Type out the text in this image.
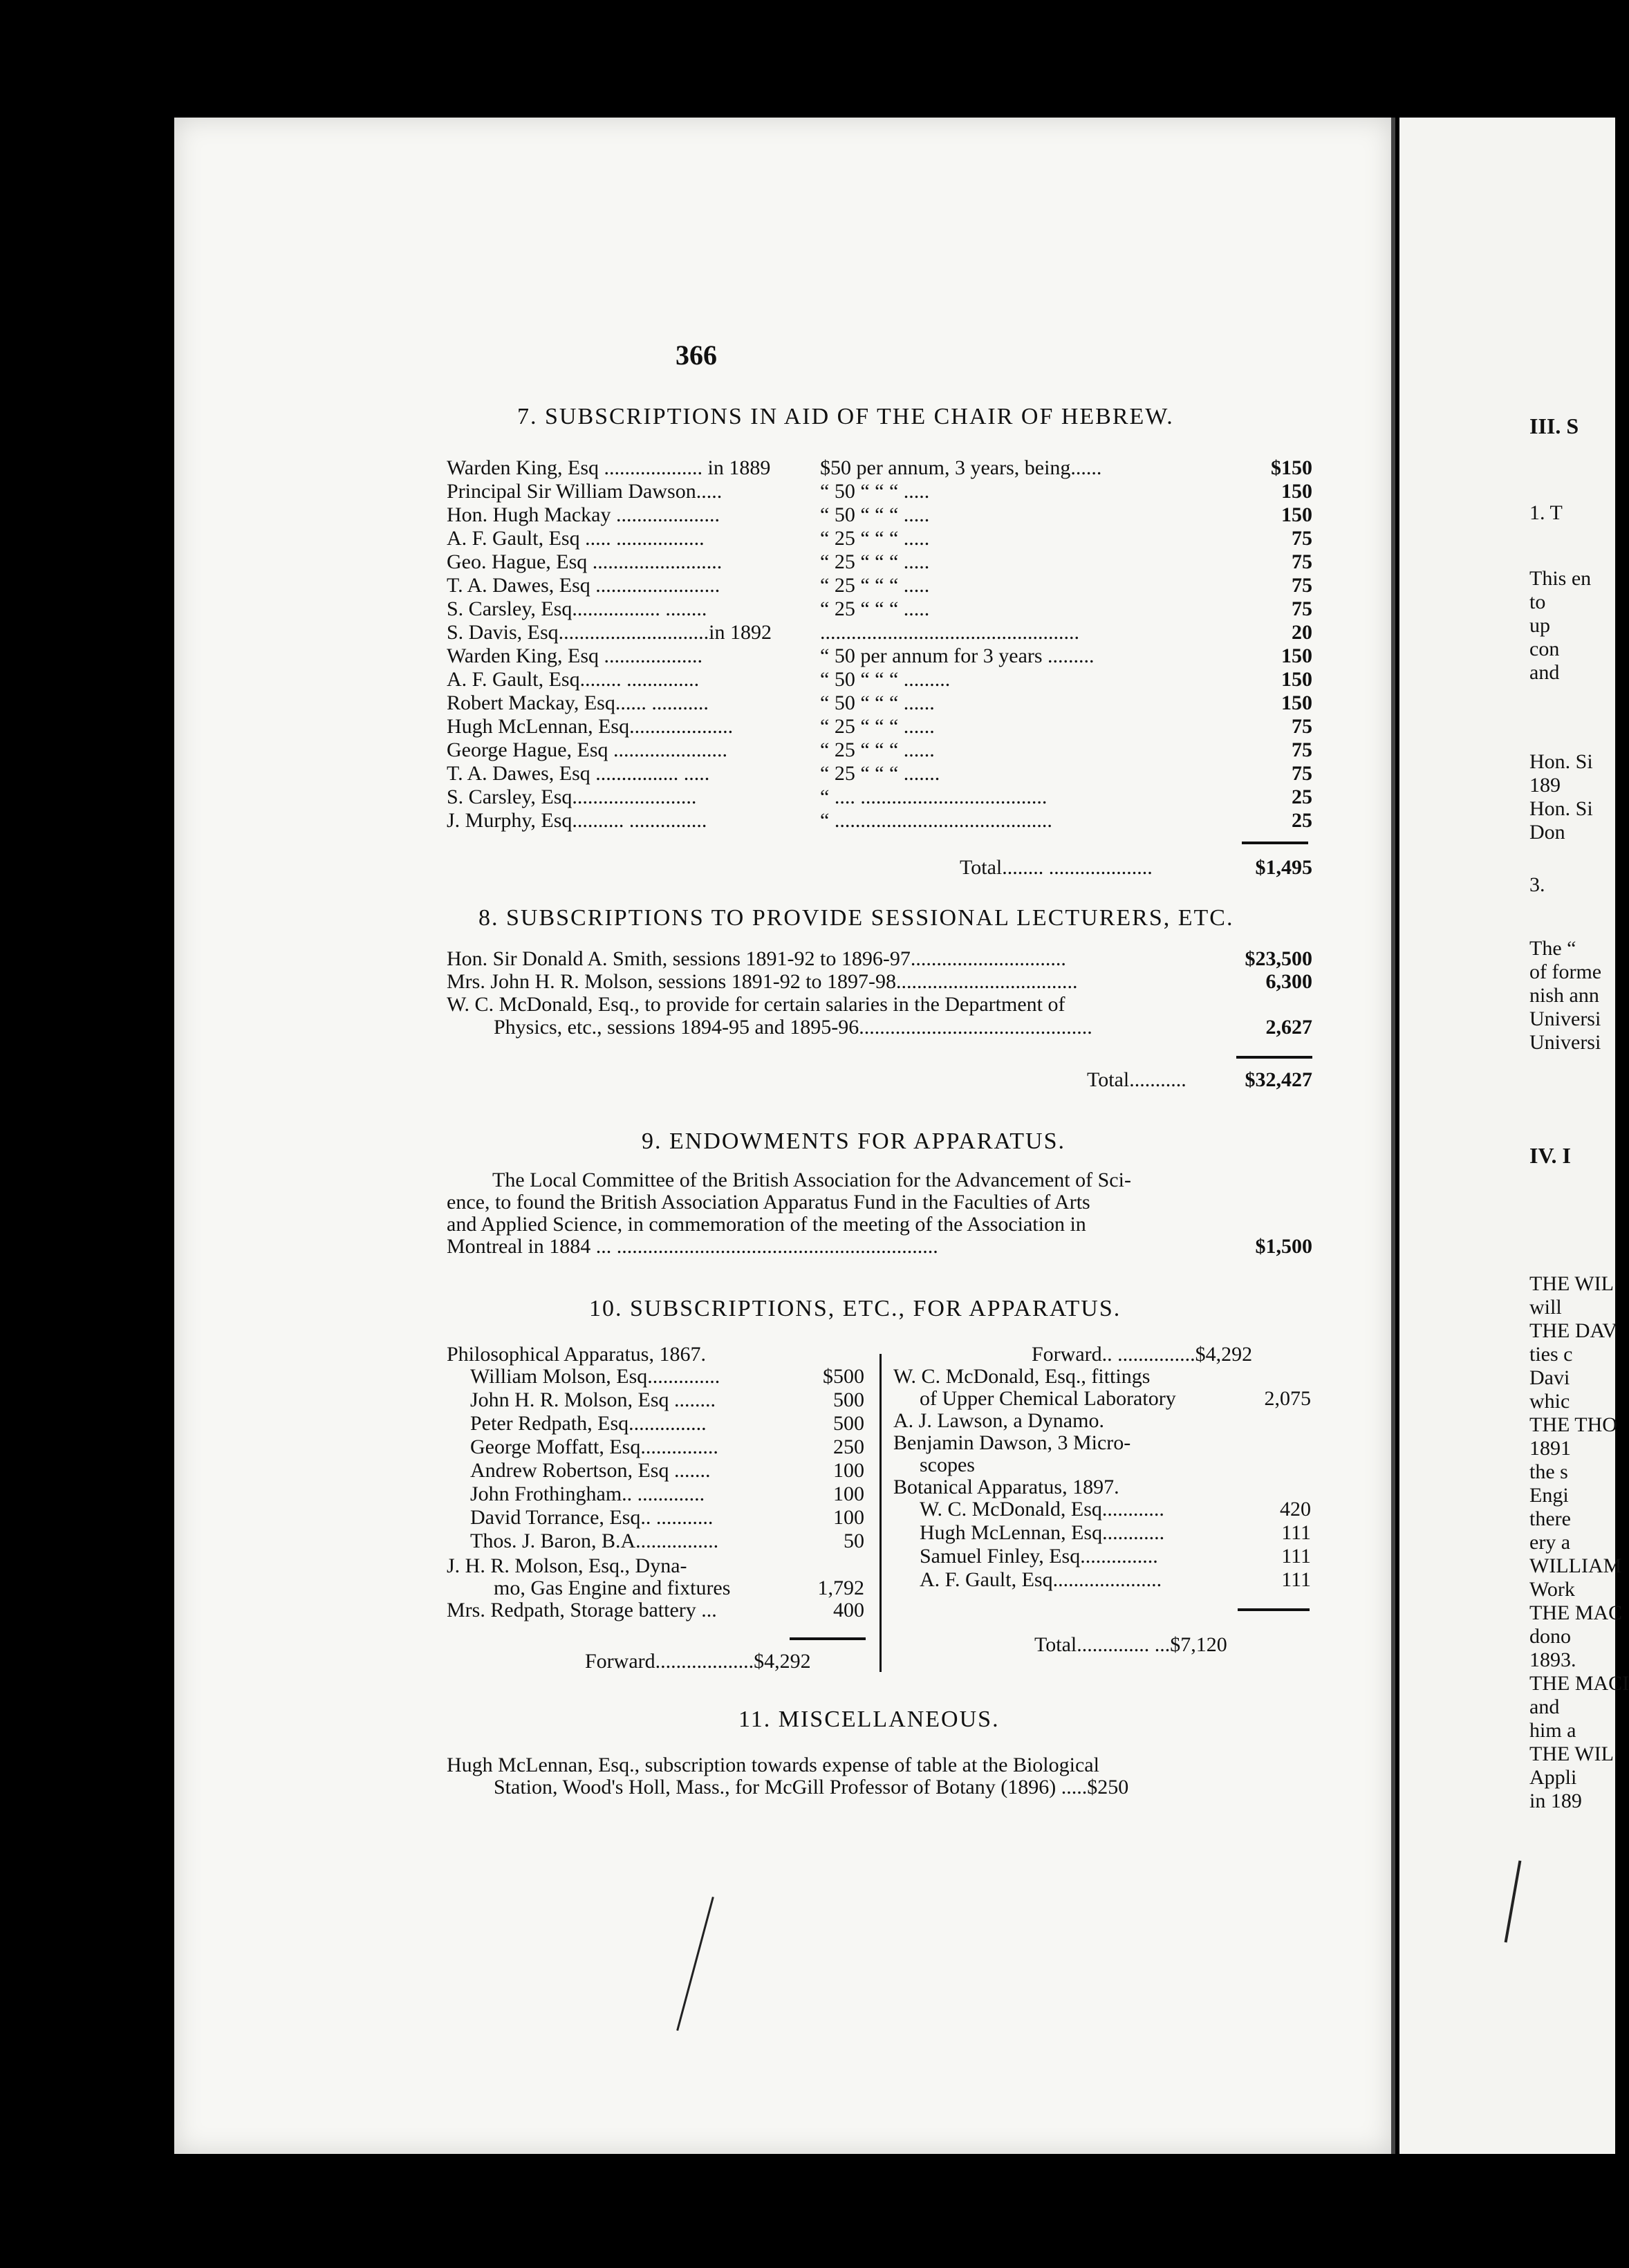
366
7. SUBSCRIPTIONS IN AID OF THE CHAIR OF HEBREW.
Warden King, Esq ................... in 1889 $50 per annum, 3 years, being......	$150
Principal Sir William Dawson.....	“ 50 “ “ “ .....	150
Hon. Hugh Mackay ....................	“ 50 “ “ “ .....	150
A. F. Gault, Esq ..... .................	“ 25 “ “ “ .....	75
Geo. Hague, Esq .........................	“ 25 “ “ “ .....	75
T. A. Dawes, Esq ........................	“ 25 “ “ “ .....	75
S. Carsley, Esq................. ........	“ 25 “ “ “ .....	75
S. Davis, Esq.............................in 1892 ..................................................	20
Warden King, Esq ...................	“ 50 per annum for 3 years .........	150
A. F. Gault, Esq........ ..............	“ 50 “ “ “ .........	150
Robert Mackay, Esq...... ...........	“ 50 “ “ “ ......	150
Hugh McLennan, Esq....................	“ 25 “ “ “ ......	75
George Hague, Esq ......................	“ 25 “ “ “ ......	75
T. A. Dawes, Esq ................ .....	“ 25 “ “ “ .......	75
S. Carsley, Esq........................	“ .... ....................................	25
J. Murphy, Esq.......... ...............	“ ..........................................	25
Total........ ....................	$1,495
8. SUBSCRIPTIONS TO PROVIDE SESSIONAL LECTURERS, ETC.
Hon. Sir Donald A. Smith, sessions 1891-92 to 1896-97..............................	$23,500
Mrs. John H. R. Molson, sessions 1891-92 to 1897-98...................................	6,300
W. C. McDonald, Esq., to provide for certain salaries in the Department of
Physics, etc., sessions 1894-95 and 1895-96.............................................	2,627
Total...........	$32,427
9. ENDOWMENTS FOR APPARATUS.
The Local Committee of the British Association for the Advancement of Sci-
ence, to found the British Association Apparatus Fund in the Faculties of Arts
and Applied Science, in commemoration of the meeting of the Association in
Montreal in 1884 ... ..............................................................	$1,500
10. SUBSCRIPTIONS, ETC., FOR APPARATUS.
Philosophical Apparatus, 1867.
William Molson, Esq..............	$500
John H. R. Molson, Esq ........	500
Peter Redpath, Esq...............	500
George Moffatt, Esq...............	250
Andrew Robertson, Esq .......	100
John Frothingham.. .............	100
David Torrance, Esq.. ...........	100
Thos. J. Baron, B.A................	50
J. H. R. Molson, Esq., Dyna-
mo, Gas Engine and fixtures	1,792
Mrs. Redpath, Storage battery ...	400
Forward...................$4,292
Forward.. ...............$4,292
W. C. McDonald, Esq., fittings
of Upper Chemical Laboratory	2,075
A. J. Lawson, a Dynamo.
Benjamin Dawson, 3 Micro-
scopes
Botanical Apparatus, 1897.
W. C. McDonald, Esq............	420
Hugh McLennan, Esq............	111
Samuel Finley, Esq...............	111
A. F. Gault, Esq.....................	111
Total.............. ...$7,120
11. MISCELLANEOUS.
Hugh McLennan, Esq., subscription towards expense of table at the Biological
Station, Wood's Holl, Mass., for McGill Professor of Botany (1896) .....$250
III. S
1. T
This en
to
up
con
and
Hon. Si
189
Hon. Si
Don
3.
The “
of forme
nish ann
Universi
Universi
IV. I
THE WIL
will
THE DAV
ties c
Davi
whic
THE THO
1891
the s
Engi
there
ery a
WILLIAM
Work
THE MAC
dono
1893.
THE MACI
and
him a
THE WIL
Appli
in 189
